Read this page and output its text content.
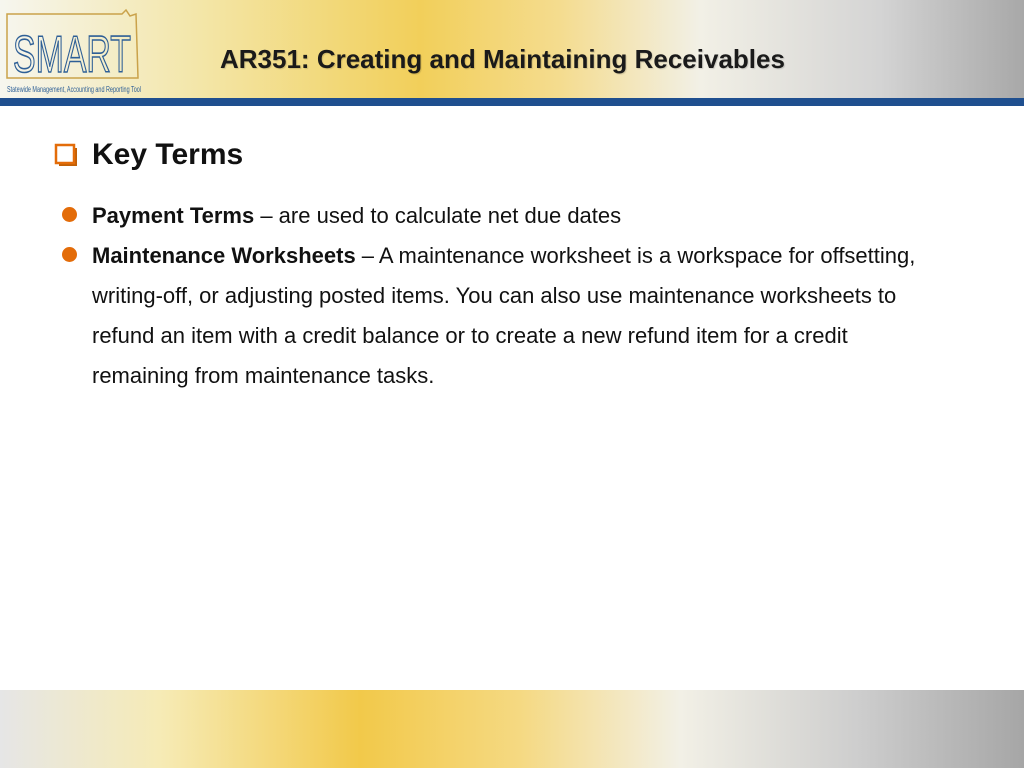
SMART
Statewide Management, Accounting and Reporting Tool
AR351: Creating and Maintaining Receivables
Key Terms
Payment Terms – are used to calculate net due dates
Maintenance Worksheets – A maintenance worksheet is a workspace for offsetting, writing-off, or adjusting posted items. You can also use maintenance worksheets to refund an item with a credit balance or to create a new refund item for a credit remaining from maintenance tasks.
